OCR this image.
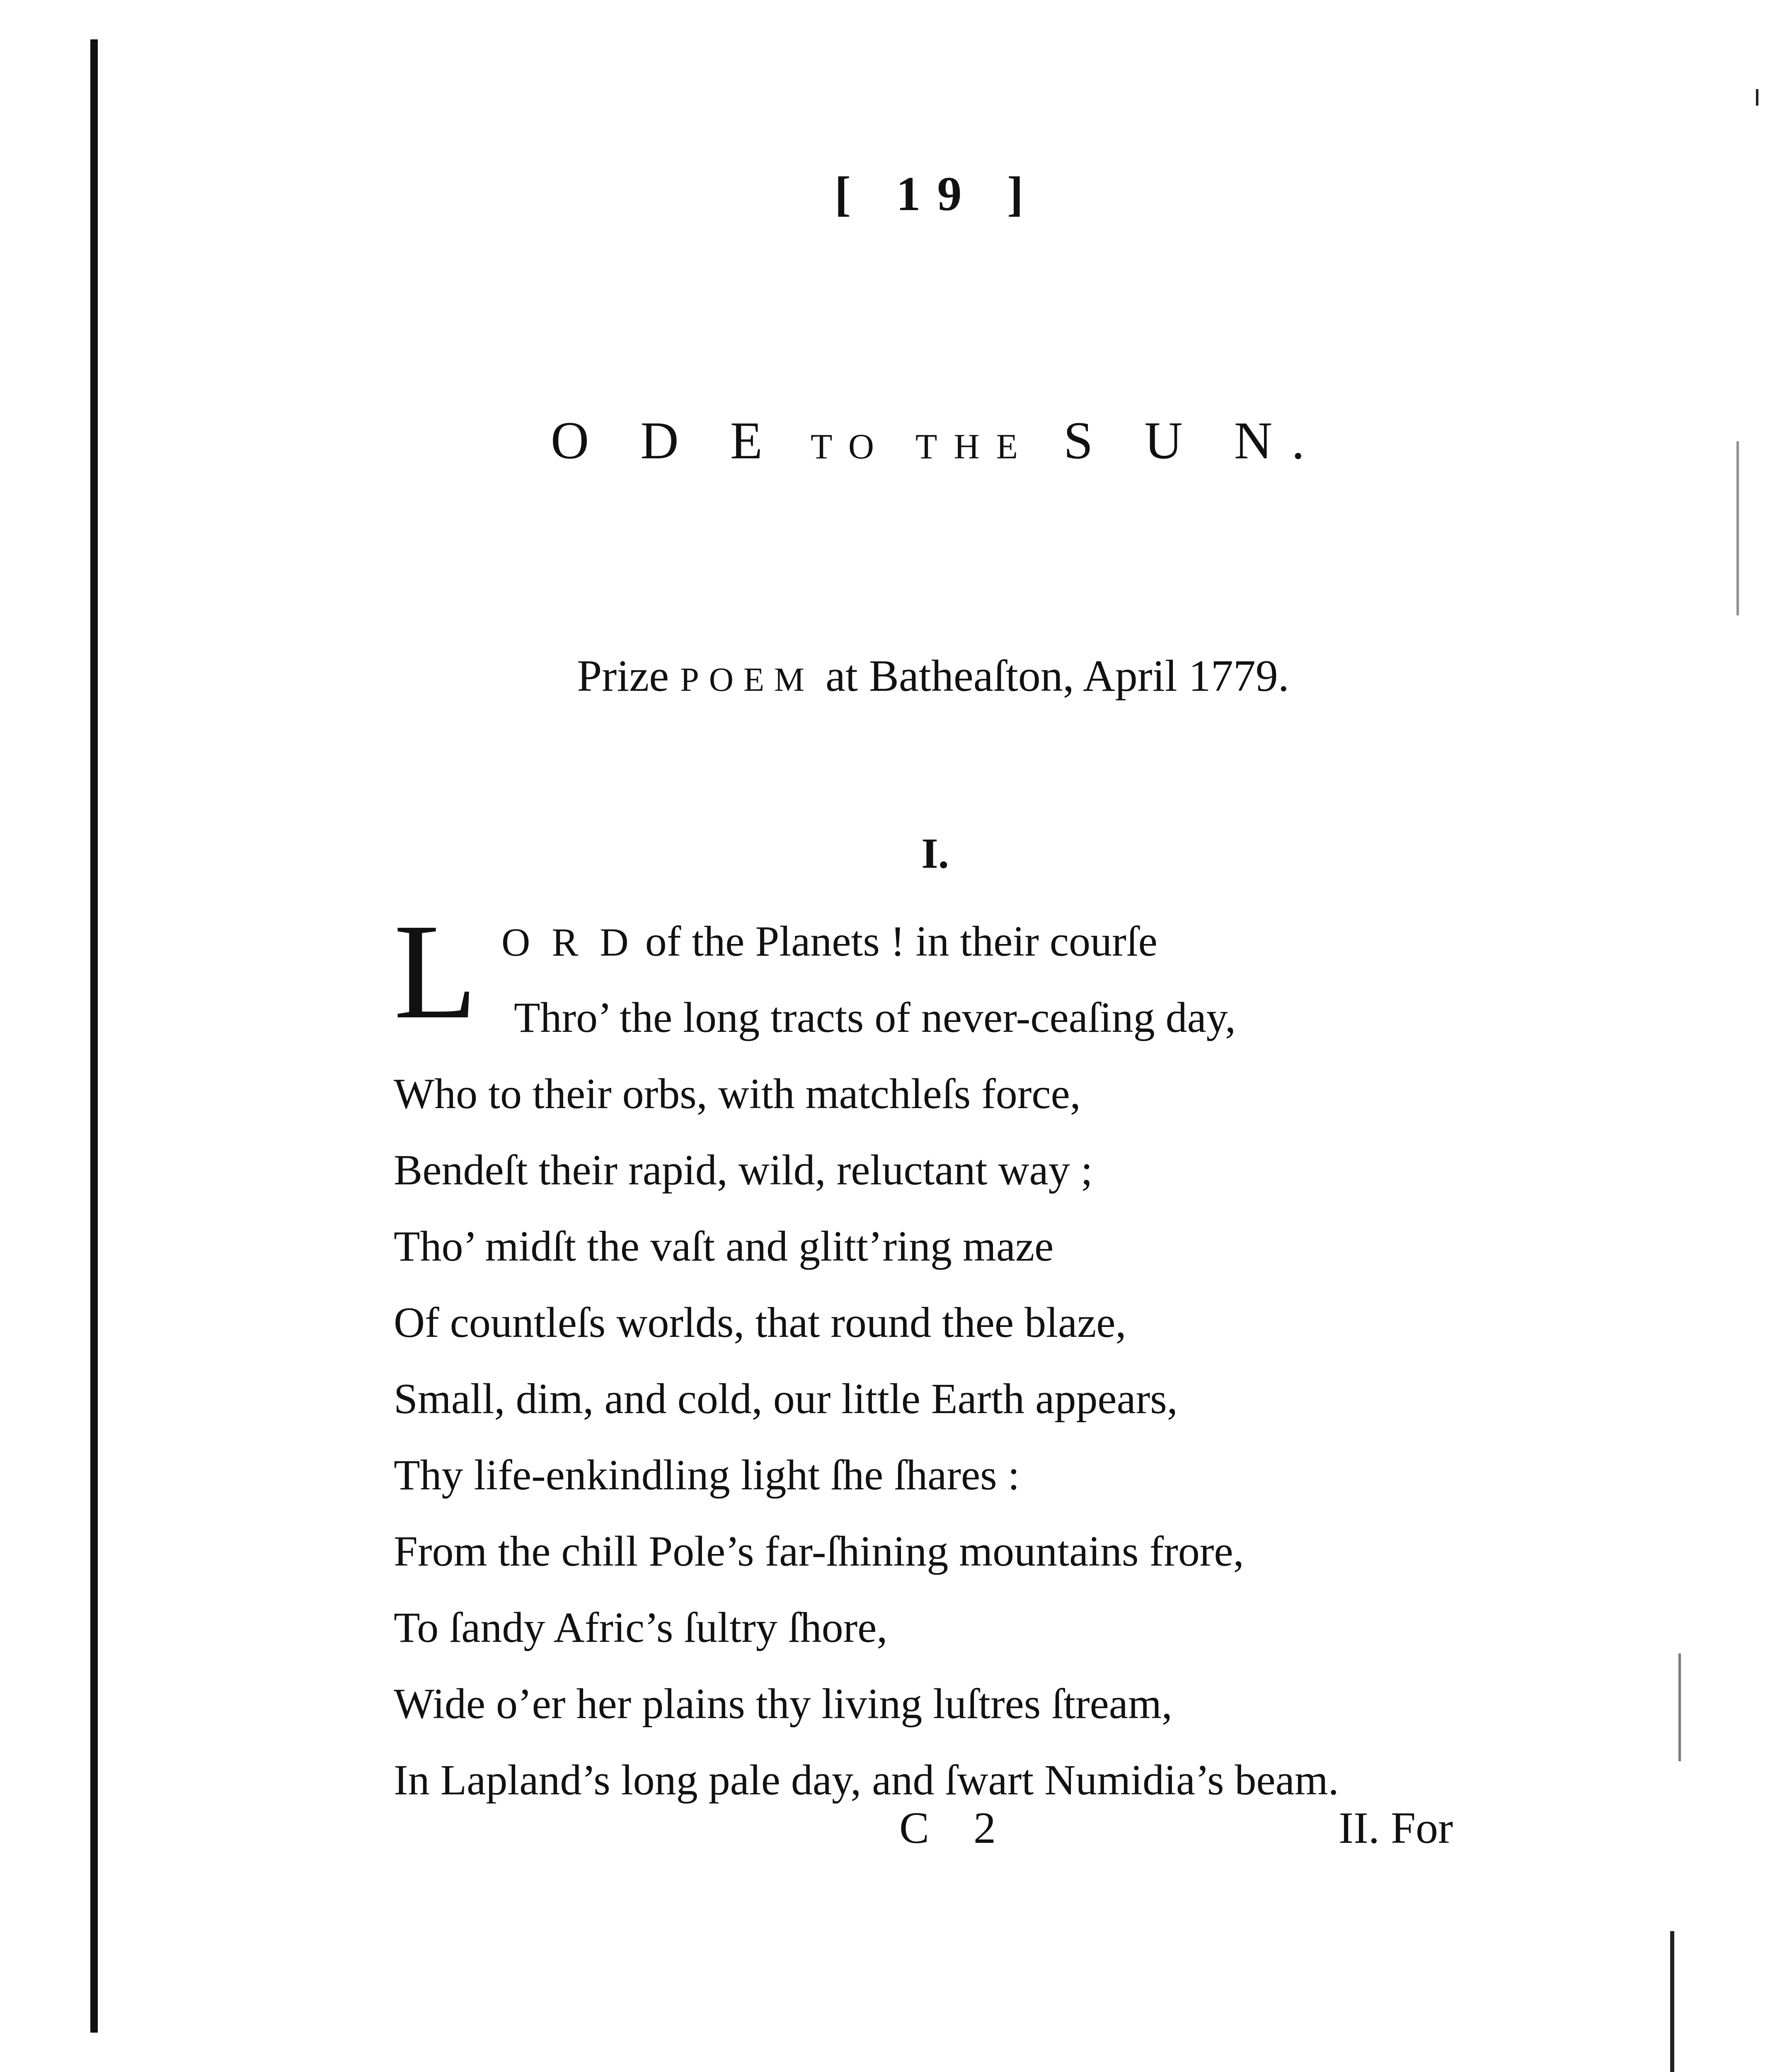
[ 19 ]
O D E TO THE S U N.
Prize POEM at Batheaſton, April 1779.
I.
L O R D of the Planets ! in their courſe
Thro’ the long tracts of never-ceaſing day,
Who to their orbs, with matchleſs force,
Bendeſt their rapid, wild, reluctant way ;
Tho’ midſt the vaſt and glitt’ring maze
Of countleſs worlds, that round thee blaze,
Small, dim, and cold, our little Earth appears,
Thy life-enkindling light ſhe ſhares :
From the chill Pole’s far-ſhining mountains frore,
To ſandy Afric’s ſultry ſhore,
Wide o’er her plains thy living luſtres ſtream,
In Lapland’s long pale day, and ſwart Numidia’s beam.
C 2	II. For
